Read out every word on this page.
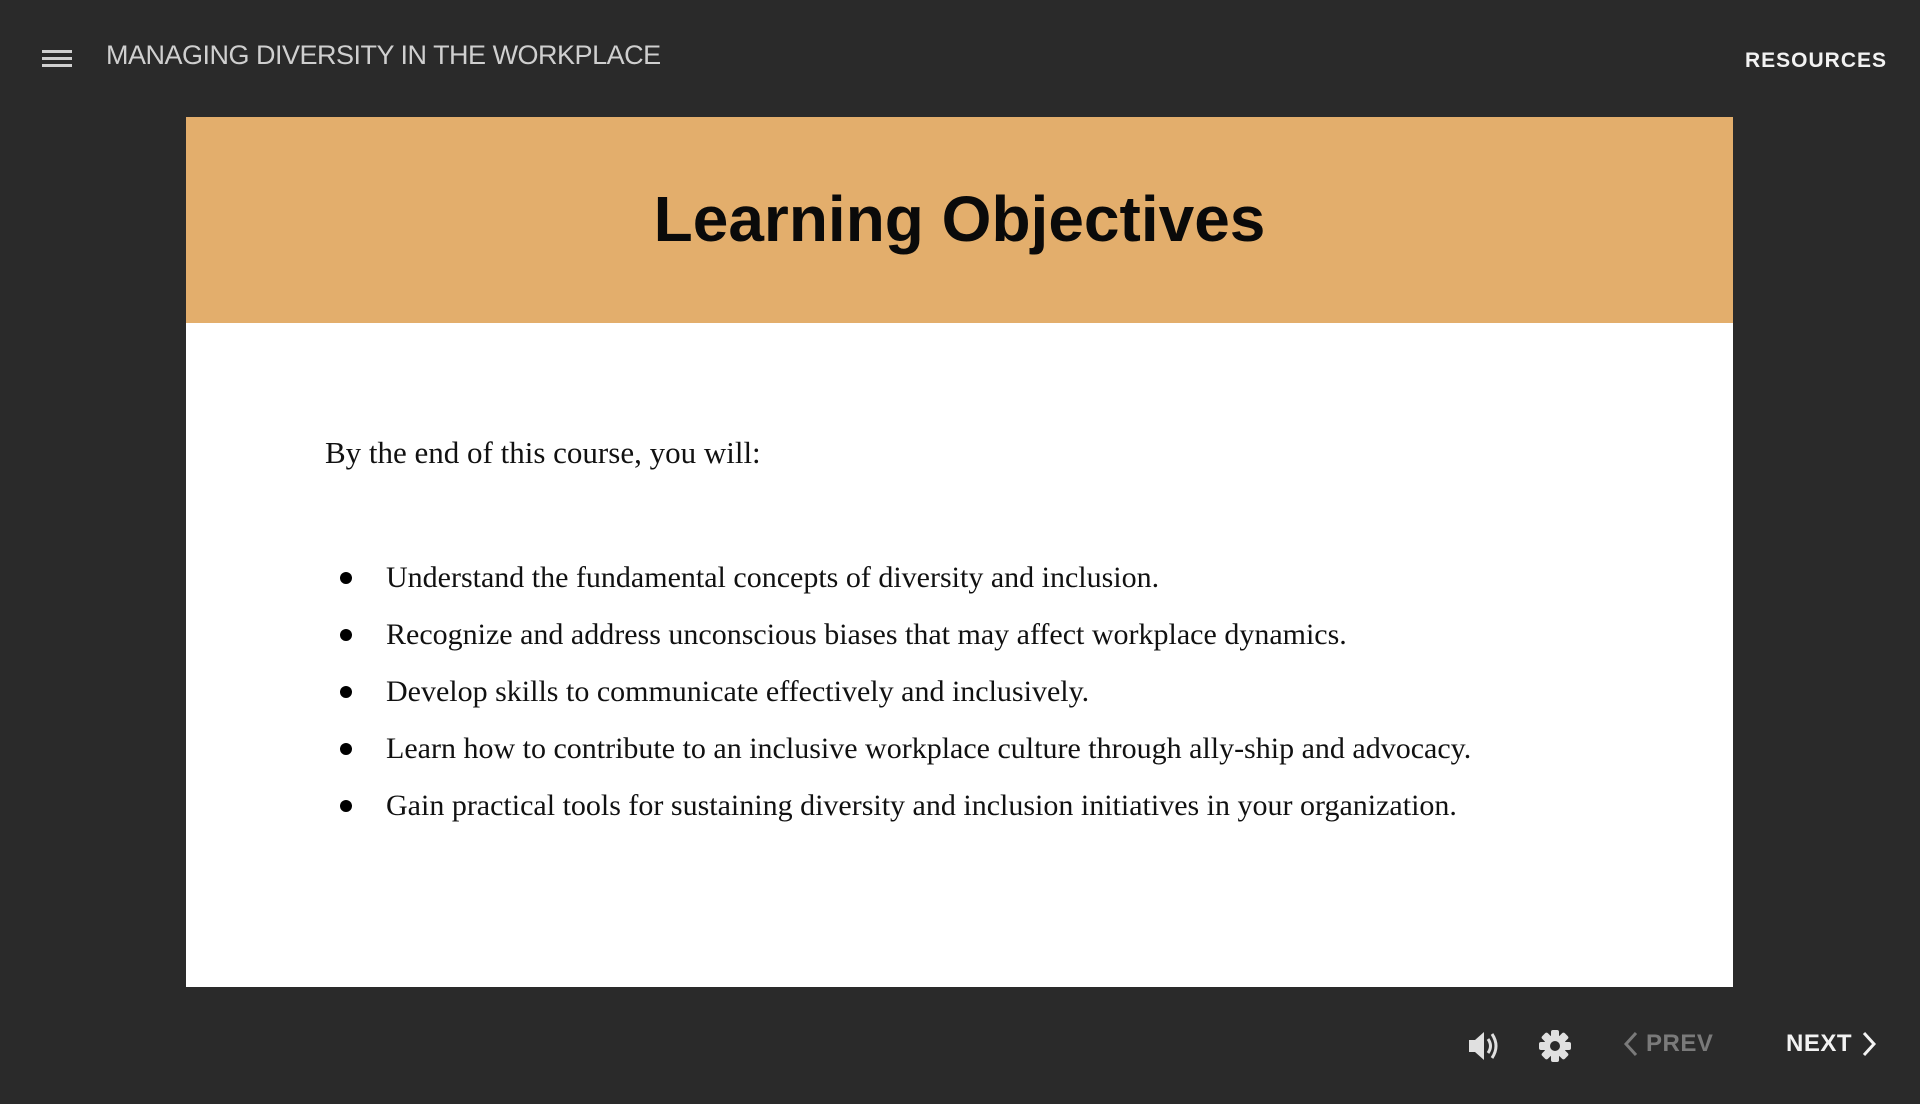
MANAGING DIVERSITY IN THE WORKPLACE	RESOURCES
Learning Objectives
By the end of this course, you will:
Understand the fundamental concepts of diversity and inclusion.
Recognize and address unconscious biases that may affect workplace dynamics.
Develop skills to communicate effectively and inclusively.
Learn how to contribute to an inclusive workplace culture through ally-ship and advocacy.
Gain practical tools for sustaining diversity and inclusion initiatives in your organization.
PREV	NEXT
